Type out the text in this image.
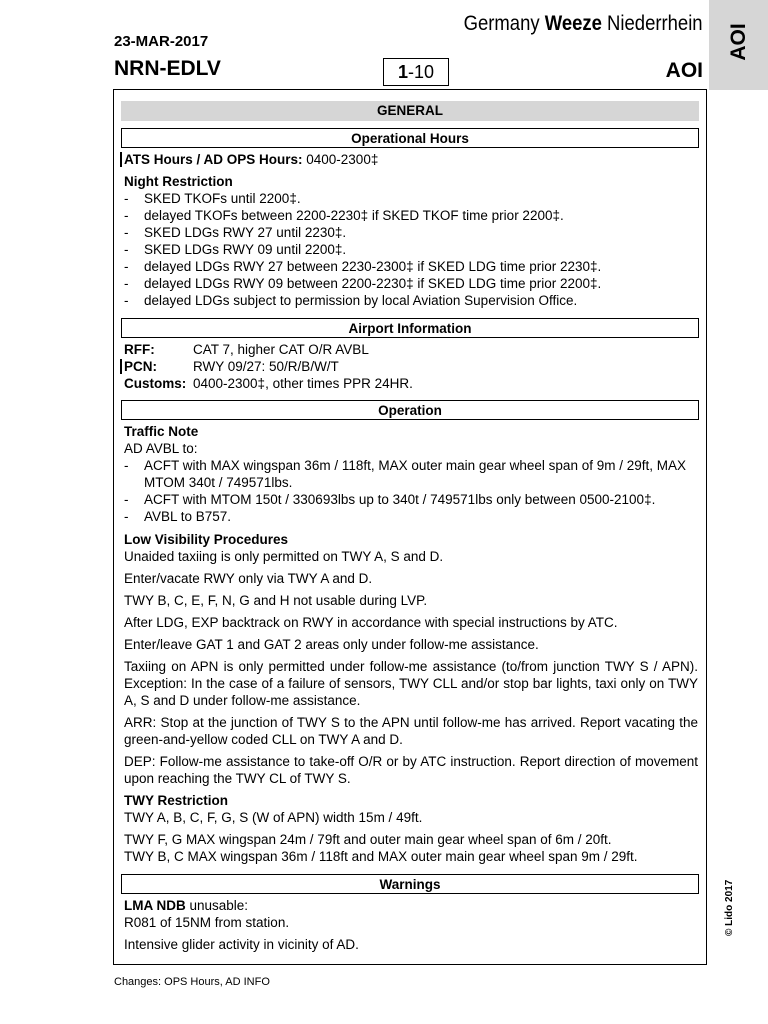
Germany Weeze Niederrhein
23-MAR-2017
NRN-EDLV	1-10	AOI
AOI
GENERAL
Operational Hours
ATS Hours / AD OPS Hours: 0400-2300‡
Night Restriction
- SKED TKOFs until 2200‡.
- delayed TKOFs between 2200-2230‡ if SKED TKOF time prior 2200‡.
- SKED LDGs RWY 27 until 2230‡.
- SKED LDGs RWY 09 until 2200‡.
- delayed LDGs RWY 27 between 2230-2300‡ if SKED LDG time prior 2230‡.
- delayed LDGs RWY 09 between 2200-2230‡ if SKED LDG time prior 2200‡.
- delayed LDGs subject to permission by local Aviation Supervision Office.
Airport Information
RFF:	CAT 7, higher CAT O/R AVBL
PCN:	RWY 09/27: 50/R/B/W/T
Customs: 0400-2300‡, other times PPR 24HR.
Operation
Traffic Note
AD AVBL to:
- ACFT with MAX wingspan 36m / 118ft, MAX outer main gear wheel span of 9m / 29ft, MAX MTOM 340t / 749571lbs.
- ACFT with MTOM 150t / 330693lbs up to 340t / 749571lbs only between 0500-2100‡.
- AVBL to B757.
Low Visibility Procedures
Unaided taxiing is only permitted on TWY A, S and D.
Enter/vacate RWY only via TWY A and D.
TWY B, C, E, F, N, G and H not usable during LVP.
After LDG, EXP backtrack on RWY in accordance with special instructions by ATC.
Enter/leave GAT 1 and GAT 2 areas only under follow-me assistance.
Taxiing on APN is only permitted under follow-me assistance (to/from junction TWY S / APN). Exception: In the case of a failure of sensors, TWY CLL and/or stop bar lights, taxi only on TWY A, S and D under follow-me assistance.
ARR: Stop at the junction of TWY S to the APN until follow-me has arrived. Report vacating the green-and-yellow coded CLL on TWY A and D.
DEP: Follow-me assistance to take-off O/R or by ATC instruction. Report direction of movement upon reaching the TWY CL of TWY S.
TWY Restriction
TWY A, B, C, F, G, S (W of APN) width 15m / 49ft.
TWY F, G MAX wingspan 24m / 79ft and outer main gear wheel span of 6m / 20ft.
TWY B, C MAX wingspan 36m / 118ft and MAX outer main gear wheel span 9m / 29ft.
Warnings
LMA NDB unusable:
R081 of 15NM from station.
Intensive glider activity in vicinity of AD.
Changes: OPS Hours, AD INFO
© Lido 2017
